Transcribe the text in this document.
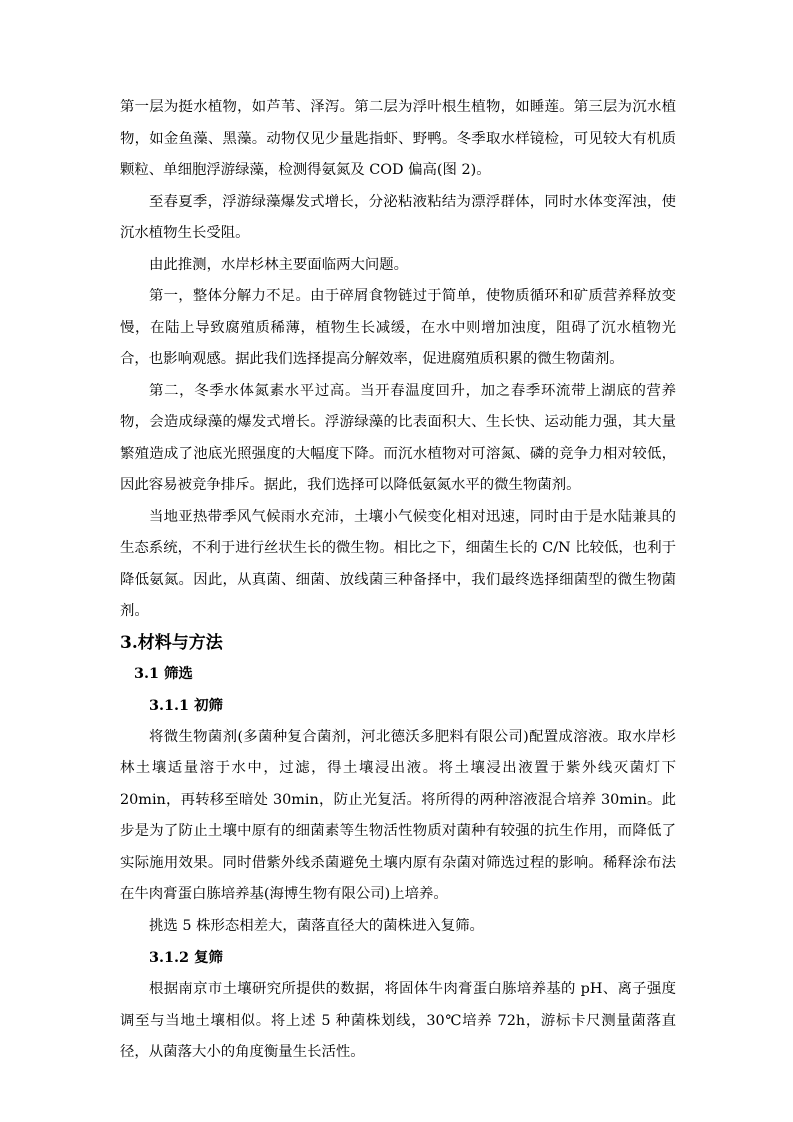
第一层为挺水植物，如芦苇、泽泻。第二层为浮叶根生植物，如睡莲。第三层为沉水植物，如金鱼藻、黑藻。动物仅见少量匙指虾、野鸭。冬季取水样镜检，可见较大有机质颗粒、单细胞浮游绿藻，检测得氨氮及 COD 偏高(图 2)。

至春夏季，浮游绿藻爆发式增长，分泌粘液粘结为漂浮群体，同时水体变浑浊，使沉水植物生长受阻。

由此推测，水岸杉林主要面临两大问题。

第一，整体分解力不足。由于碎屑食物链过于简单，使物质循环和矿质营养释放变慢，在陆上导致腐殖质稀薄，植物生长减缓，在水中则增加浊度，阻碍了沉水植物光合，也影响观感。据此我们选择提高分解效率，促进腐殖质积累的微生物菌剂。

第二，冬季水体氮素水平过高。当开春温度回升，加之春季环流带上湖底的营养物，会造成绿藻的爆发式增长。浮游绿藻的比表面积大、生长快、运动能力强，其大量繁殖造成了池底光照强度的大幅度下降。而沉水植物对可溶氮、磷的竞争力相对较低，因此容易被竞争排斥。据此，我们选择可以降低氨氮水平的微生物菌剂。

当地亚热带季风气候雨水充沛，土壤小气候变化相对迅速，同时由于是水陆兼具的生态系统，不利于进行丝状生长的微生物。相比之下，细菌生长的 C/N 比较低，也利于降低氨氮。因此，从真菌、细菌、放线菌三种备择中，我们最终选择细菌型的微生物菌剂。

3.材料与方法
3.1 筛选
3.1.1 初筛

将微生物菌剂(多菌种复合菌剂，河北德沃多肥料有限公司)配置成溶液。取水岸杉林土壤适量溶于水中，过滤，得土壤浸出液。将土壤浸出液置于紫外线灭菌灯下 20min，再转移至暗处 30min，防止光复活。将所得的两种溶液混合培养 30min。此步是为了防止土壤中原有的细菌素等生物活性物质对菌种有较强的抗生作用，而降低了实际施用效果。同时借紫外线杀菌避免土壤内原有杂菌对筛选过程的影响。稀释涂布法在牛肉膏蛋白胨培养基(海博生物有限公司)上培养。

挑选 5 株形态相差大，菌落直径大的菌株进入复筛。

3.1.2 复筛

根据南京市土壤研究所提供的数据，将固体牛肉膏蛋白胨培养基的 pH、离子强度调至与当地土壤相似。将上述 5 种菌株划线，30℃培养 72h，游标卡尺测量菌落直径，从菌落大小的角度衡量生长活性。
